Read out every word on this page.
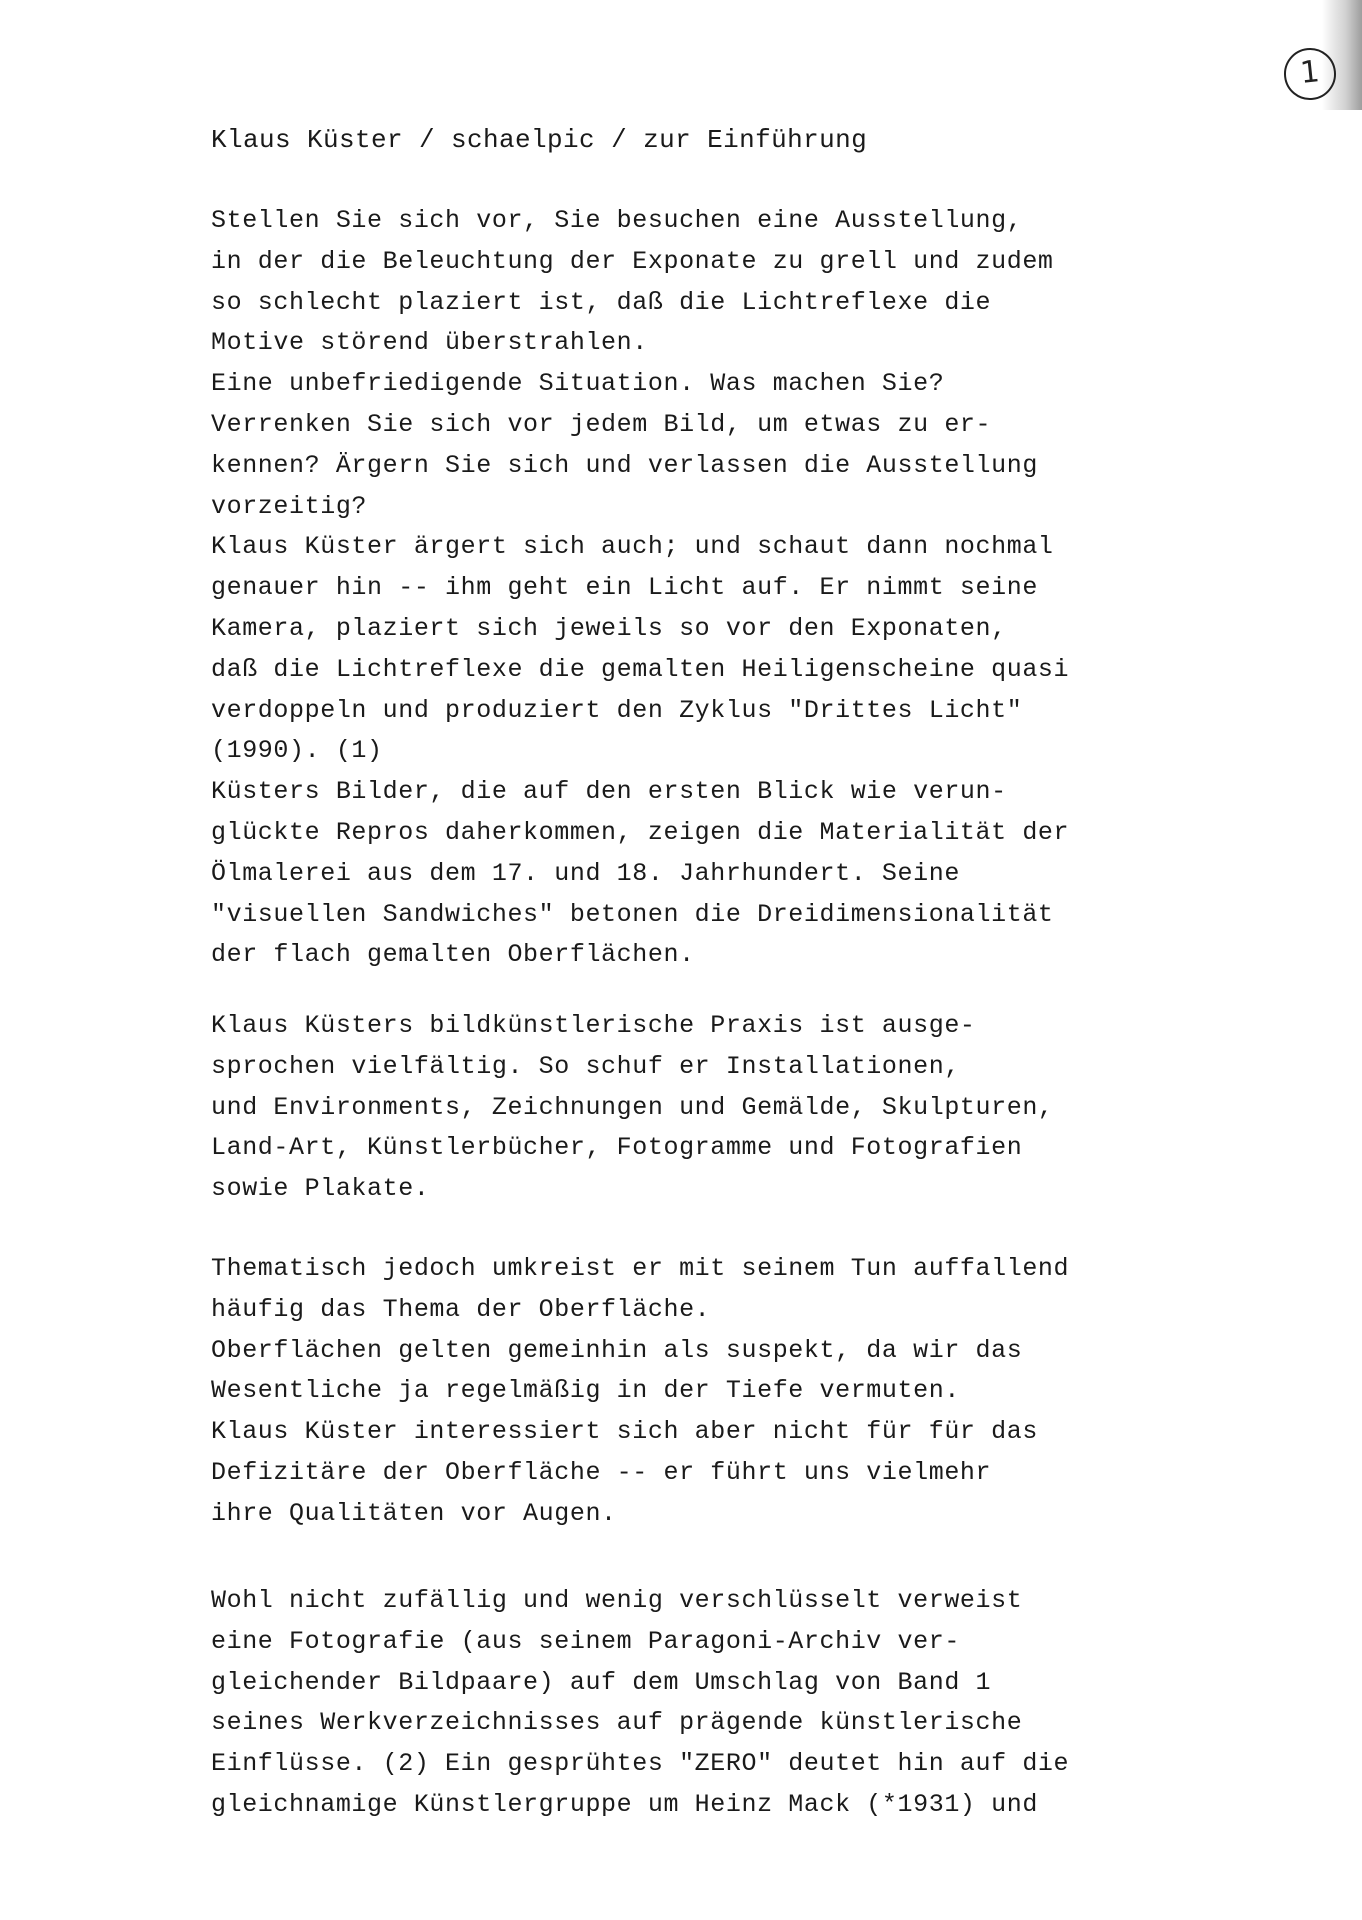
1
Klaus Küster / schaelpic / zur Einführung
Stellen Sie sich vor, Sie besuchen eine Ausstellung,
in der die Beleuchtung der Exponate zu grell und zudem
so schlecht plaziert ist, daß die Lichtreflexe die
Motive störend überstrahlen.
Eine unbefriedigende Situation. Was machen Sie?
Verrenken Sie sich vor jedem Bild, um etwas zu er-
kennen? Ärgern Sie sich und verlassen die Ausstellung
vorzeitig?
Klaus Küster ärgert sich auch; und schaut dann nochmal
genauer hin -- ihm geht ein Licht auf. Er nimmt seine
Kamera, plaziert sich jeweils so vor den Exponaten,
daß die Lichtreflexe die gemalten Heiligenscheine quasi
verdoppeln und produziert den Zyklus "Drittes Licht"
(1990). (1)
Küsters Bilder, die auf den ersten Blick wie verun-
glückte Repros daherkommen, zeigen die Materialität der
Ölmalerei aus dem 17. und 18. Jahrhundert. Seine
"visuellen Sandwiches" betonen die Dreidimensionalität
der flach gemalten Oberflächen.
Klaus Küsters bildkünstlerische Praxis ist ausge-
sprochen vielfältig. So schuf er Installationen,
und Environments, Zeichnungen und Gemälde, Skulpturen,
Land-Art, Künstlerbücher, Fotogramme und Fotografien
sowie Plakate.
Thematisch jedoch umkreist er mit seinem Tun auffallend
häufig das Thema der Oberfläche.
Oberflächen gelten gemeinhin als suspekt, da wir das
Wesentliche ja regelmäßig in der Tiefe vermuten.
Klaus Küster interessiert sich aber nicht für für das
Defizitäre der Oberfläche -- er führt uns vielmehr
ihre Qualitäten vor Augen.
Wohl nicht zufällig und wenig verschlüsselt verweist
eine Fotografie (aus seinem Paragoni-Archiv ver-
gleichender Bildpaare) auf dem Umschlag von Band 1
seines Werkverzeichnisses auf prägende künstlerische
Einflüsse. (2) Ein gesprühtes "ZERO" deutet hin auf die
gleichnamige Künstlergruppe um Heinz Mack (*1931) und
